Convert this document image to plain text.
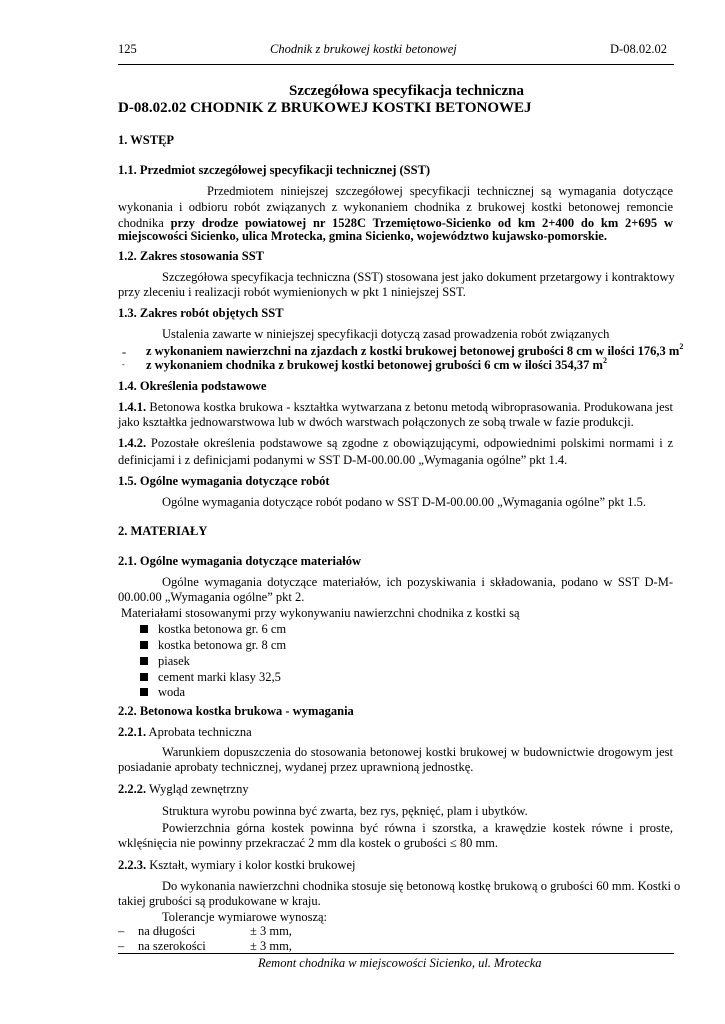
125	Chodnik z brukowej kostki betonowej	D-08.02.02
Szczegółowa specyfikacja techniczna
D-08.02.02 CHODNIK Z BRUKOWEJ KOSTKI BETONOWEJ
1. WSTĘP
1.1. Przedmiot szczegółowej specyfikacji technicznej (SST)
Przedmiotem niniejszej szczegółowej specyfikacji technicznej są wymagania dotyczące
wykonania i odbioru robót związanych z wykonaniem chodnika z brukowej kostki betonowej remoncie
chodnika przy drodze powiatowej nr 1528C Trzemiętowo-Sicienko od km 2+400 do km 2+695 w
miejscowości Sicienko, ulica Mrotecka, gmina Sicienko, województwo kujawsko-pomorskie.
1.2. Zakres stosowania SST
Szczegółowa specyfikacja techniczna (SST) stosowana jest jako dokument przetargowy i kontraktowy
przy zleceniu i realizacji robót wymienionych w pkt 1 niniejszej SST.
1.3. Zakres robót objętych SST
Ustalenia zawarte w niniejszej specyfikacji dotyczą zasad prowadzenia robót związanych
- z wykonaniem nawierzchni na zjazdach z kostki brukowej betonowej grubości 8 cm w ilości 176,3 $m^2$
- z wykonaniem chodnika z brukowej kostki betonowej grubości 6 cm w ilości 354,37 $m^2$
1.4. Określenia podstawowe
1.4.1. Betonowa kostka brukowa - kształtka wytwarzana z betonu metodą wibroprasowania. Produkowana jest
jako kształtka jednowarstwowa lub w dwóch warstwach połączonych ze sobą trwale w fazie produkcji.
1.4.2. Pozostałe określenia podstawowe są zgodne z obowiązującymi, odpowiednimi polskimi normami i z
definicjami i z definicjami podanymi w SST D-M-00.00.00 „Wymagania ogólne” pkt 1.4.
1.5. Ogólne wymagania dotyczące robót
Ogólne wymagania dotyczące robót podano w SST D-M-00.00.00 „Wymagania ogólne” pkt 1.5.
2. MATERIAŁY
2.1. Ogólne wymagania dotyczące materiałów
Ogólne wymagania dotyczące materiałów, ich pozyskiwania i składowania, podano w SST D-M-
00.00.00 „Wymagania ogólne” pkt 2.
Materiałami stosowanymi przy wykonywaniu nawierzchni chodnika z kostki są
kostka betonowa gr. 6 cm
kostka betonowa gr. 8 cm
piasek
cement marki klasy 32,5
woda
2.2. Betonowa kostka brukowa - wymagania
2.2.1. Aprobata techniczna
Warunkiem dopuszczenia do stosowania betonowej kostki brukowej w budownictwie drogowym jest
posiadanie aprobaty technicznej, wydanej przez uprawnioną jednostkę.
2.2.2. Wygląd zewnętrzny
Struktura wyrobu powinna być zwarta, bez rys, pęknięć, plam i ubytków.
Powierzchnia górna kostek powinna być równa i szorstka, a krawędzie kostek równe i proste,
wklęśnięcia nie powinny przekraczać 2 mm dla kostek o grubości ≤ 80 mm.
2.2.3. Kształt, wymiary i kolor kostki brukowej
Do wykonania nawierzchni chodnika stosuje się betonową kostkę brukową o grubości 60 mm. Kostki o
takiej grubości są produkowane w kraju.
Tolerancje wymiarowe wynoszą:
– na długości	± 3 mm,
– na szerokości	± 3 mm,
Remont chodnika w miejscowości Sicienko, ul. Mrotecka
